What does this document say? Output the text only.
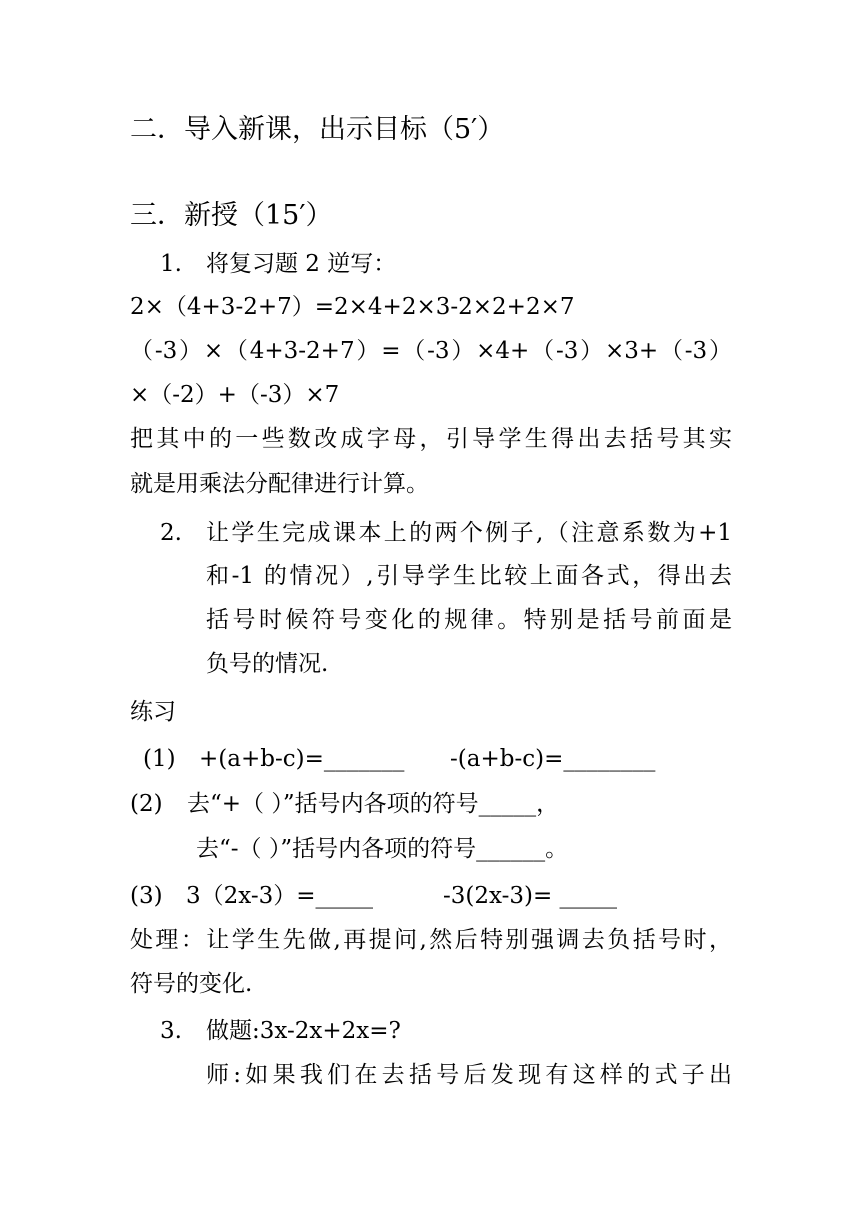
二．导入新课，出示目标（5′）
三．新授（15′）
1. 将复习题 2 逆写：
2×（4+3-2+7）=2×4+2×3-2×2+2×7
（-3）×（4+3-2+7）=（-3）×4+（-3）×3+（-3）
×（-2）+（-3）×7
把其中的一些数改成字母，引导学生得出去括号其实
就是用乘法分配律进行计算。
2. 让学生完成课本上的两个例子,（注意系数为+1
和-1 的情况）,引导学生比较上面各式，得出去
括号时候符号变化的规律。特别是括号前面是
负号的情况.
练习
(1) +(a+b-c)=_______ -(a+b-c)=________
(2) 去“+（ ）”括号内各项的符号_____，
去“-（ ）”括号内各项的符号______。
(3) 3（2x-3）=_____	-3(2x-3)= _____
处理：让学生先做,再提问,然后特别强调去负括号时，
符号的变化.
3. 做题:3x-2x+2x=?
师:如果我们在去括号后发现有这样的式子出
